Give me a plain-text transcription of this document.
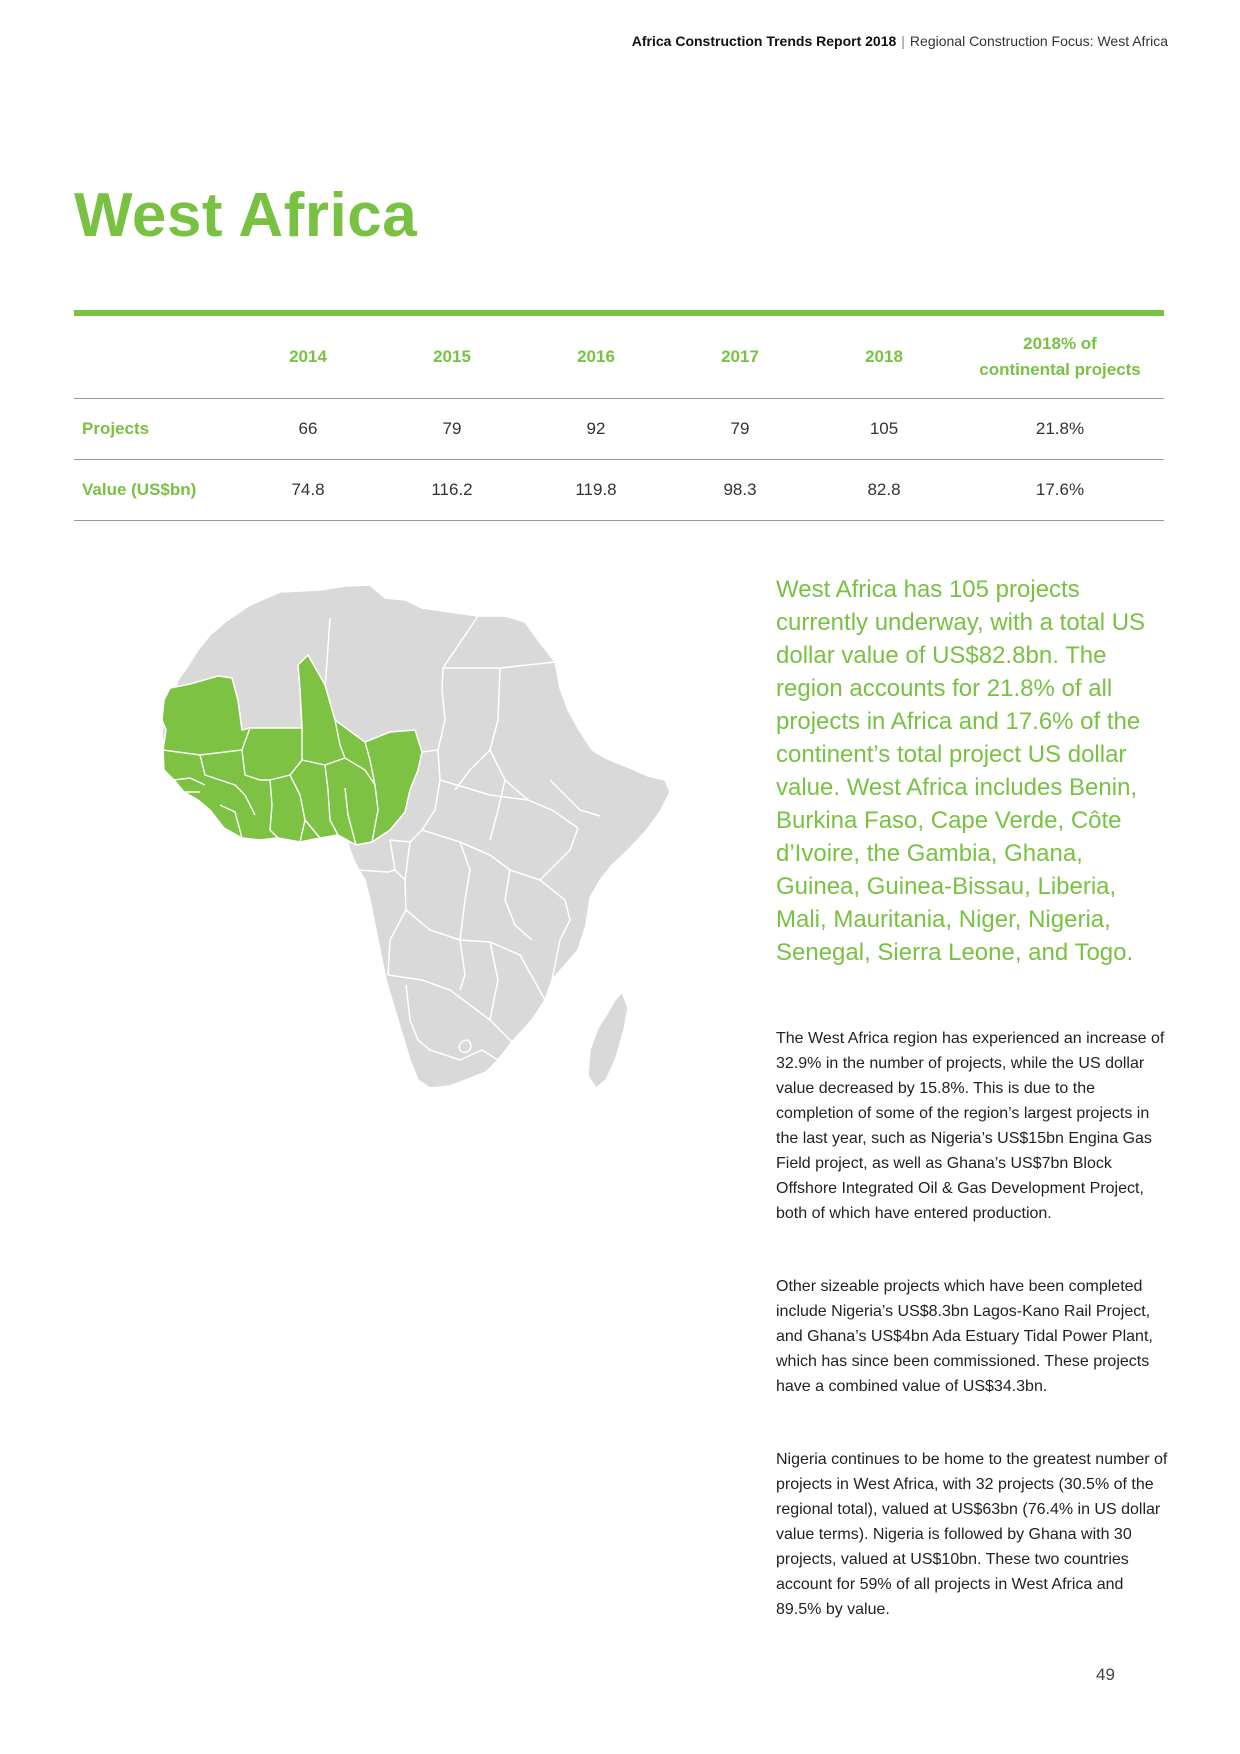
Africa Construction Trends Report 2018 | Regional Construction Focus: West Africa
West Africa
	2014	2015	2016	2017	2018	2018% of continental projects

Projects	66	79	92	79	105	21.8%
Value (US$bn)	74.8	116.2	119.8	98.3	82.8	17.6%

West Africa has 105 projects currently underway, with a total US dollar value of US$82.8bn. The region accounts for 21.8% of all projects in Africa and 17.6% of the continent’s total project US dollar value. West Africa includes Benin, Burkina Faso, Cape Verde, Côte d’Ivoire, the Gambia, Ghana, Guinea, Guinea-Bissau, Liberia, Mali, Mauritania, Niger, Nigeria, Senegal, Sierra Leone, and Togo.

The West Africa region has experienced an increase of 32.9% in the number of projects, while the US dollar value decreased by 15.8%. This is due to the completion of some of the region’s largest projects in the last year, such as Nigeria’s US$15bn Engina Gas Field project, as well as Ghana’s US$7bn Block Offshore Integrated Oil & Gas Development Project, both of which have entered production.

Other sizeable projects which have been completed include Nigeria’s US$8.3bn Lagos-Kano Rail Project, and Ghana’s US$4bn Ada Estuary Tidal Power Plant, which has since been commissioned. These projects have a combined value of US$34.3bn.

Nigeria continues to be home to the greatest number of projects in West Africa, with 32 projects (30.5% of the regional total), valued at US$63bn (76.4% in US dollar value terms). Nigeria is followed by Ghana with 30 projects, valued at US$10bn. These two countries account for 59% of all projects in West Africa and 89.5% by value.

49
